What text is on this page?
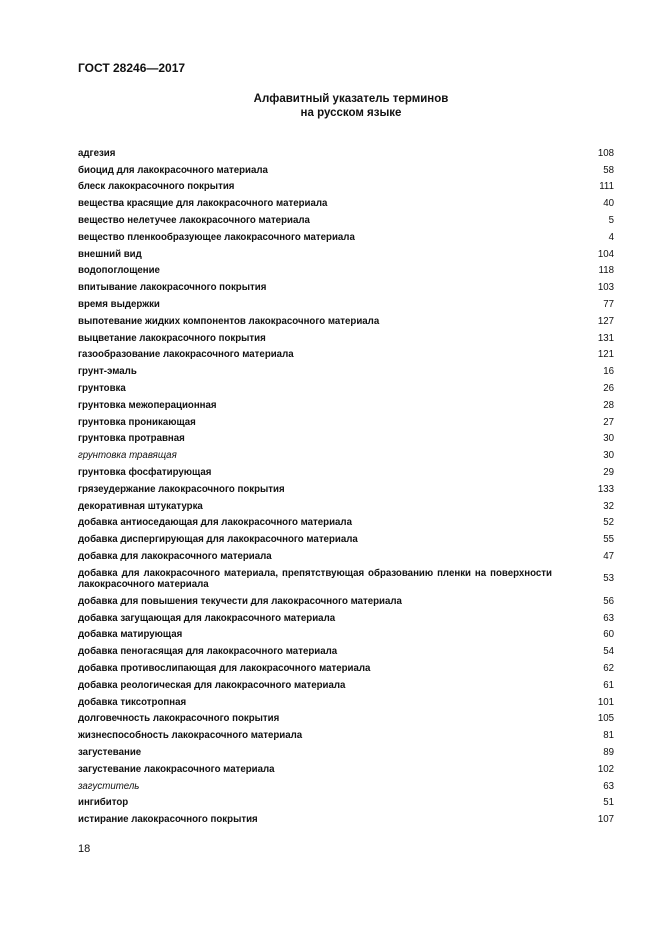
ГОСТ 28246—2017
Алфавитный указатель терминов
на русском языке
адгезия	108
биоцид для лакокрасочного материала	58
блеск лакокрасочного покрытия	111
вещества красящие для лакокрасочного материала	40
вещество нелетучее лакокрасочного материала	5
вещество пленкообразующее лакокрасочного материала	4
внешний вид	104
водопоглощение	118
впитывание лакокрасочного покрытия	103
время выдержки	77
выпотевание жидких компонентов лакокрасочного материала	127
выцветание лакокрасочного покрытия	131
газообразование лакокрасочного материала	121
грунт-эмаль	16
грунтовка	26
грунтовка межоперационная	28
грунтовка проникающая	27
грунтовка протравная	30
грунтовка травящая	30
грунтовка фосфатирующая	29
грязеудержание лакокрасочного покрытия	133
декоративная штукатурка	32
добавка антиоседающая для лакокрасочного материала	52
добавка диспергирующая для лакокрасочного материала	55
добавка для лакокрасочного материала	47
добавка для лакокрасочного материала, препятствующая образованию пленки на поверхности лакокрасочного материала	53
добавка для повышения текучести для лакокрасочного материала	56
добавка загущающая для лакокрасочного материала	63
добавка матирующая	60
добавка пеногасящая для лакокрасочного материала	54
добавка противослипающая для лакокрасочного материала	62
добавка реологическая для лакокрасочного материала	61
добавка тиксотропная	101
долговечность лакокрасочного покрытия	105
жизнеспособность лакокрасочного материала	81
загустевание	89
загустевание лакокрасочного материала	102
загуститель	63
ингибитор	51
истирание лакокрасочного покрытия	107
18
